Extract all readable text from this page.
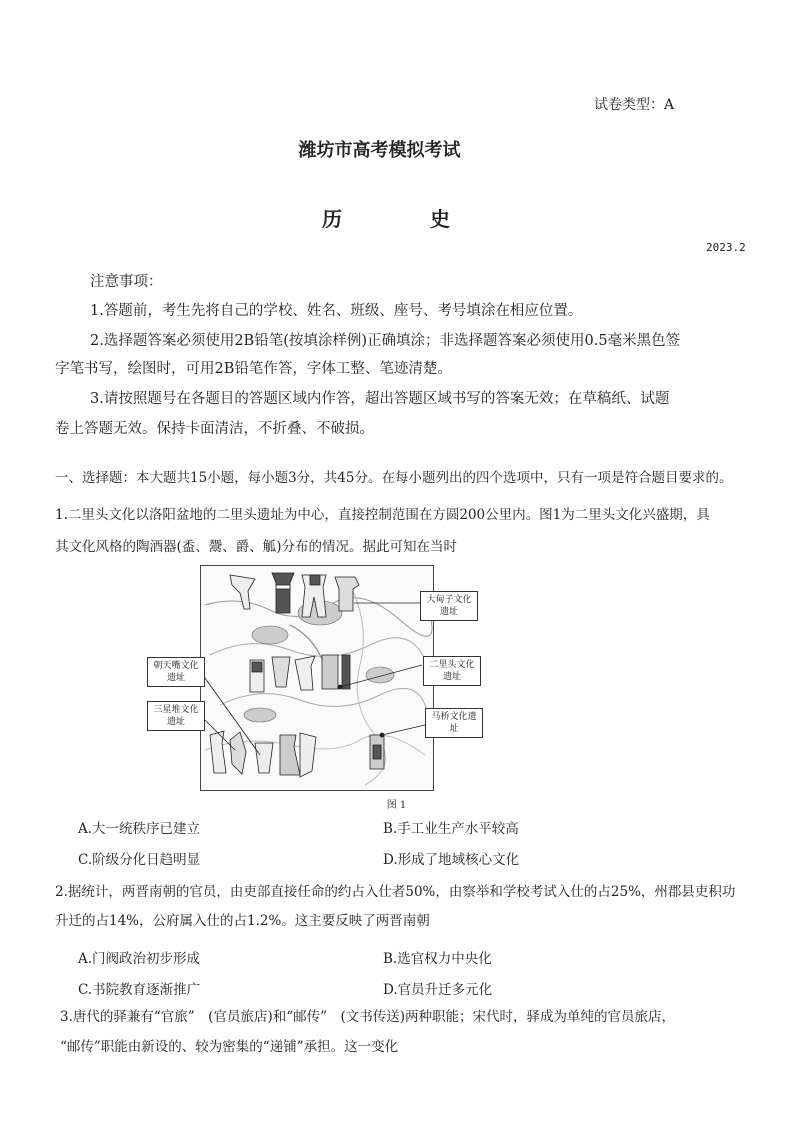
试卷类型：A
潍坊市高考模拟考试
历	史
2023.2
注意事项：
1.答题前，考生先将自己的学校、姓名、班级、座号、考号填涂在相应位置。
2.选择题答案必须使用2B铅笔(按填涂样例)正确填涂；非选择题答案必须使用0.5毫米黑色签
字笔书写，绘图时，可用2B铅笔作答，字体工整、笔迹清楚。
3.请按照题号在各题目的答题区域内作答，超出答题区域书写的答案无效；在草稿纸、试题
卷上答题无效。保持卡面清洁，不折叠、不破损。
一、选择题：本大题共15小题，每小题3分，共45分。在每小题列出的四个选项中，只有一项是符合题目要求的。
1.二里头文化以洛阳盆地的二里头遗址为中心，直接控制范围在方圆200公里内。图1为二里头文化兴盛期，具
其文化风格的陶酒器(盉、鬶、爵、觚)分布的情况。据此可知在当时
大甸子文化遗址
二里头文化遗址
马桥文化遗址
朝天嘴文化遗址
三星堆文化遗址
图 1
A.大一统秩序已建立	B.手工业生产水平较高
C.阶级分化日趋明显	D.形成了地域核心文化
2.据统计，两晋南朝的官员，由吏部直接任命的约占入仕者50%，由察举和学校考试入仕的占25%，州郡县吏积功
升迁的占14%，公府属入仕的占1.2%。这主要反映了两晋南朝
A.门阀政治初步形成	B.选官权力中央化
C.书院教育逐渐推广	D.官员升迁多元化
3.唐代的驿兼有“官旅”　(官员旅店)和“邮传”　(文书传送)两种职能；宋代时，驿成为单纯的官员旅店，
“邮传”职能由新设的、较为密集的“递铺”承担。这一变化
